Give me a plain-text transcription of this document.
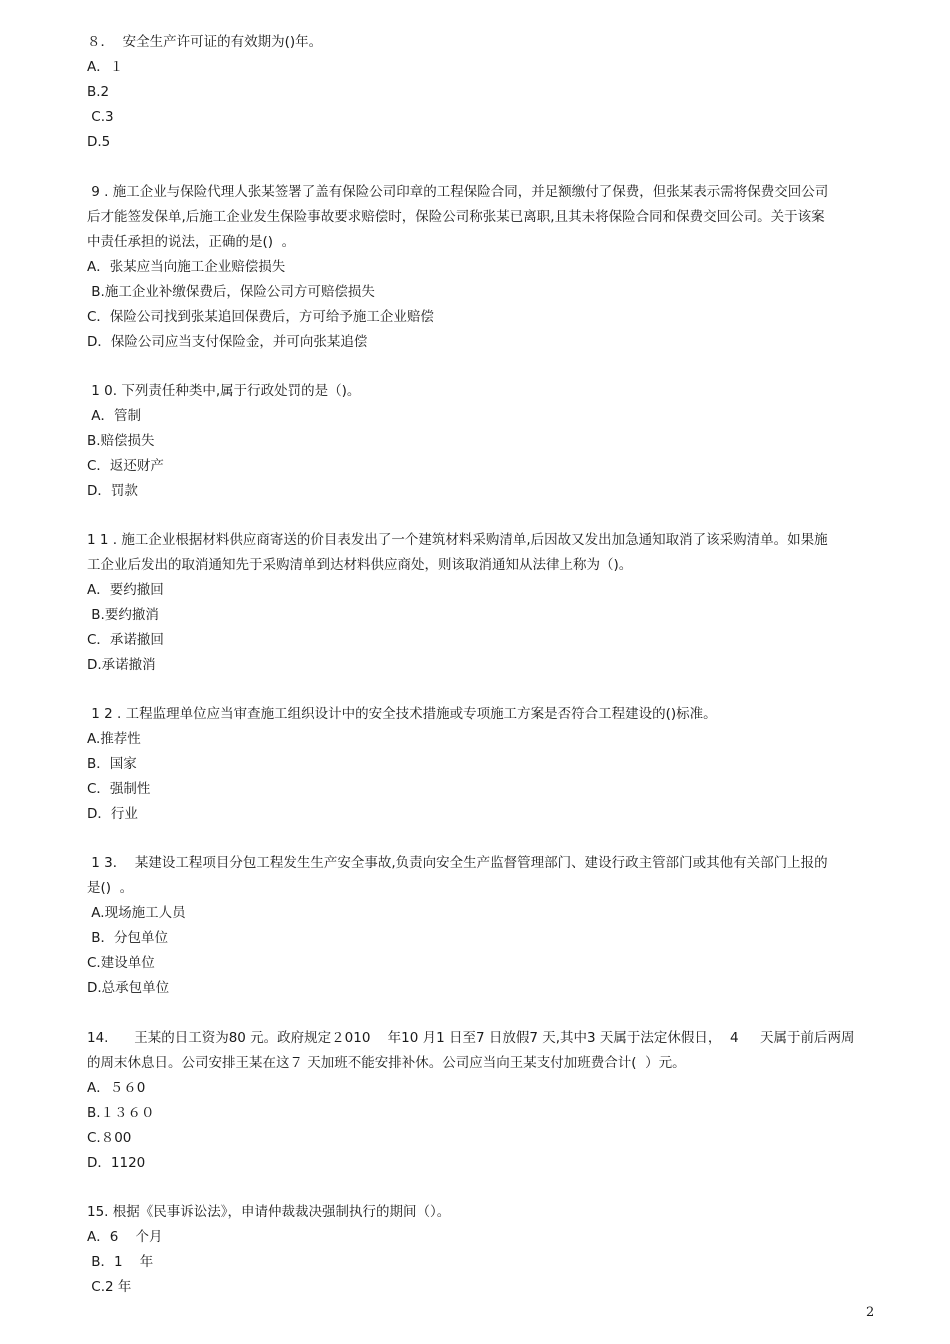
８．  安全生产许可证的有效期为()年。
A．１
B.2
C.3
D.5
9 . 施工企业与保险代理人张某签署了盖有保险公司印章的工程保险合同，并足额缴付了保费，但张某表示需将保费交回公司
后才能签发保单,后施工企业发生保险事故要求赔偿时，保险公司称张某已离职,且其未将保险合同和保费交回公司。关于该案
中责任承担的说法，正确的是()  。
A．张某应当向施工企业赔偿损失
B.施工企业补缴保费后，保险公司方可赔偿损失
C．保险公司找到张某追回保费后，方可给予施工企业赔偿
D．保险公司应当支付保险金，并可向张某追偿
1 0. 下列责任种类中,属于行政处罚的是（)。
A．管制
B.赔偿损失
C．返还财产
D．罚款
1 1 . 施工企业根据材料供应商寄送的价目表发出了一个建筑材料采购清单,后因故又发出加急通知取消了该采购清单。如果施
工企业后发出的取消通知先于采购清单到达材料供应商处，则该取消通知从法律上称为（)。
A．要约撤回
B.要约撤消
C．承诺撤回
D.承诺撤消
1 2 . 工程监理单位应当审查施工组织设计中的安全技术措施或专项施工方案是否符合工程建设的()标准。
A.推荐性
B．国家
C．强制性
D．行业
1 3．  某建设工程项目分包工程发生生产安全事故,负责向安全生产监督管理部门、建设行政主管部门或其他有关部门上报的
是()  。
A.现场施工人员
B．分包单位
C.建设单位
D.总承包单位
14.      王某的日工资为80 元。政府规定２010    年10 月1 日至7 日放假7 天,其中3 天属于法定休假日，  4     天属于前后两周
的周末休息日。公司安排王某在这７ 天加班不能安排补休。公司应当向王某支付加班费合计(  ）元。
A．５６0
B.１３６０
C.８00
D．1120
15. 根据《民事诉讼法》，申请仲裁裁决强制执行的期间（）。
A．6    个月
B．1    年
C.2 年
2
